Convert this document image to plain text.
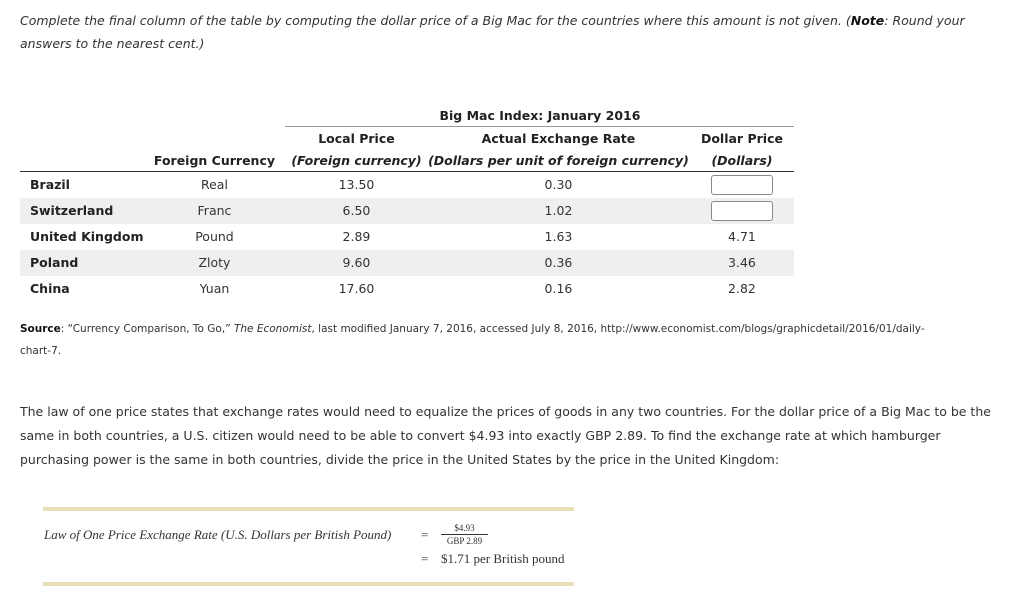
Complete the final column of the table by computing the dollar price of a Big Mac for the countries where this amount is not given. (Note: Round your answers to the nearest cent.)
		Big Mac Index: January 2016		
		Local Price	Actual Exchange Rate	Dollar Price
	Foreign Currency	(Foreign currency)	(Dollars per unit of foreign currency)	(Dollars)
Brazil	Real	13.50	0.30	
Switzerland	Franc	6.50	1.02	
United Kingdom	Pound	2.89	1.63	4.71
Poland	Zloty	9.60	0.36	3.46
China	Yuan	17.60	0.16	2.82
Source: “Currency Comparison, To Go,” The Economist, last modified January 7, 2016, accessed July 8, 2016, http://www.economist.com/blogs/graphicdetail/2016/01/daily-chart-7.
The law of one price states that exchange rates would need to equalize the prices of goods in any two countries. For the dollar price of a Big Mac to be the same in both countries, a U.S. citizen would need to be able to convert $4.93 into exactly GBP 2.89. To find the exchange rate at which hamburger purchasing power is the same in both countries, divide the price in the United States by the price in the United Kingdom:
Law of One Price Exchange Rate (U.S. Dollars per British Pound) =	$4.93
GBP 2.89
= $1.71 per British pound
